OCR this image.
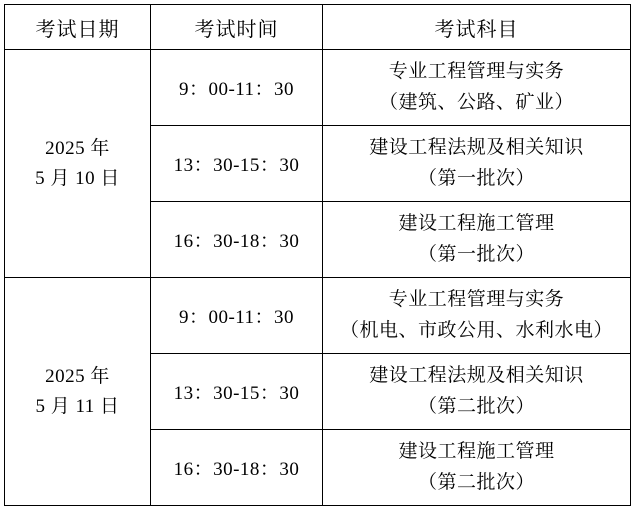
考试日期	考试时间	考试科目

2025 年
5 月 10 日	9：00-11：30	专业工程管理与实务
（建筑、公路、矿业）

	13：30-15：30	建设工程法规及相关知识
（第一批次）

	16：30-18：30	建设工程施工管理
（第一批次）

2025 年
5 月 11 日	9：00-11：30	专业工程管理与实务
（机电、市政公用、水利水电）

	13：30-15：30	建设工程法规及相关知识
（第二批次）

	16：30-18：30	建设工程施工管理
（第二批次）
